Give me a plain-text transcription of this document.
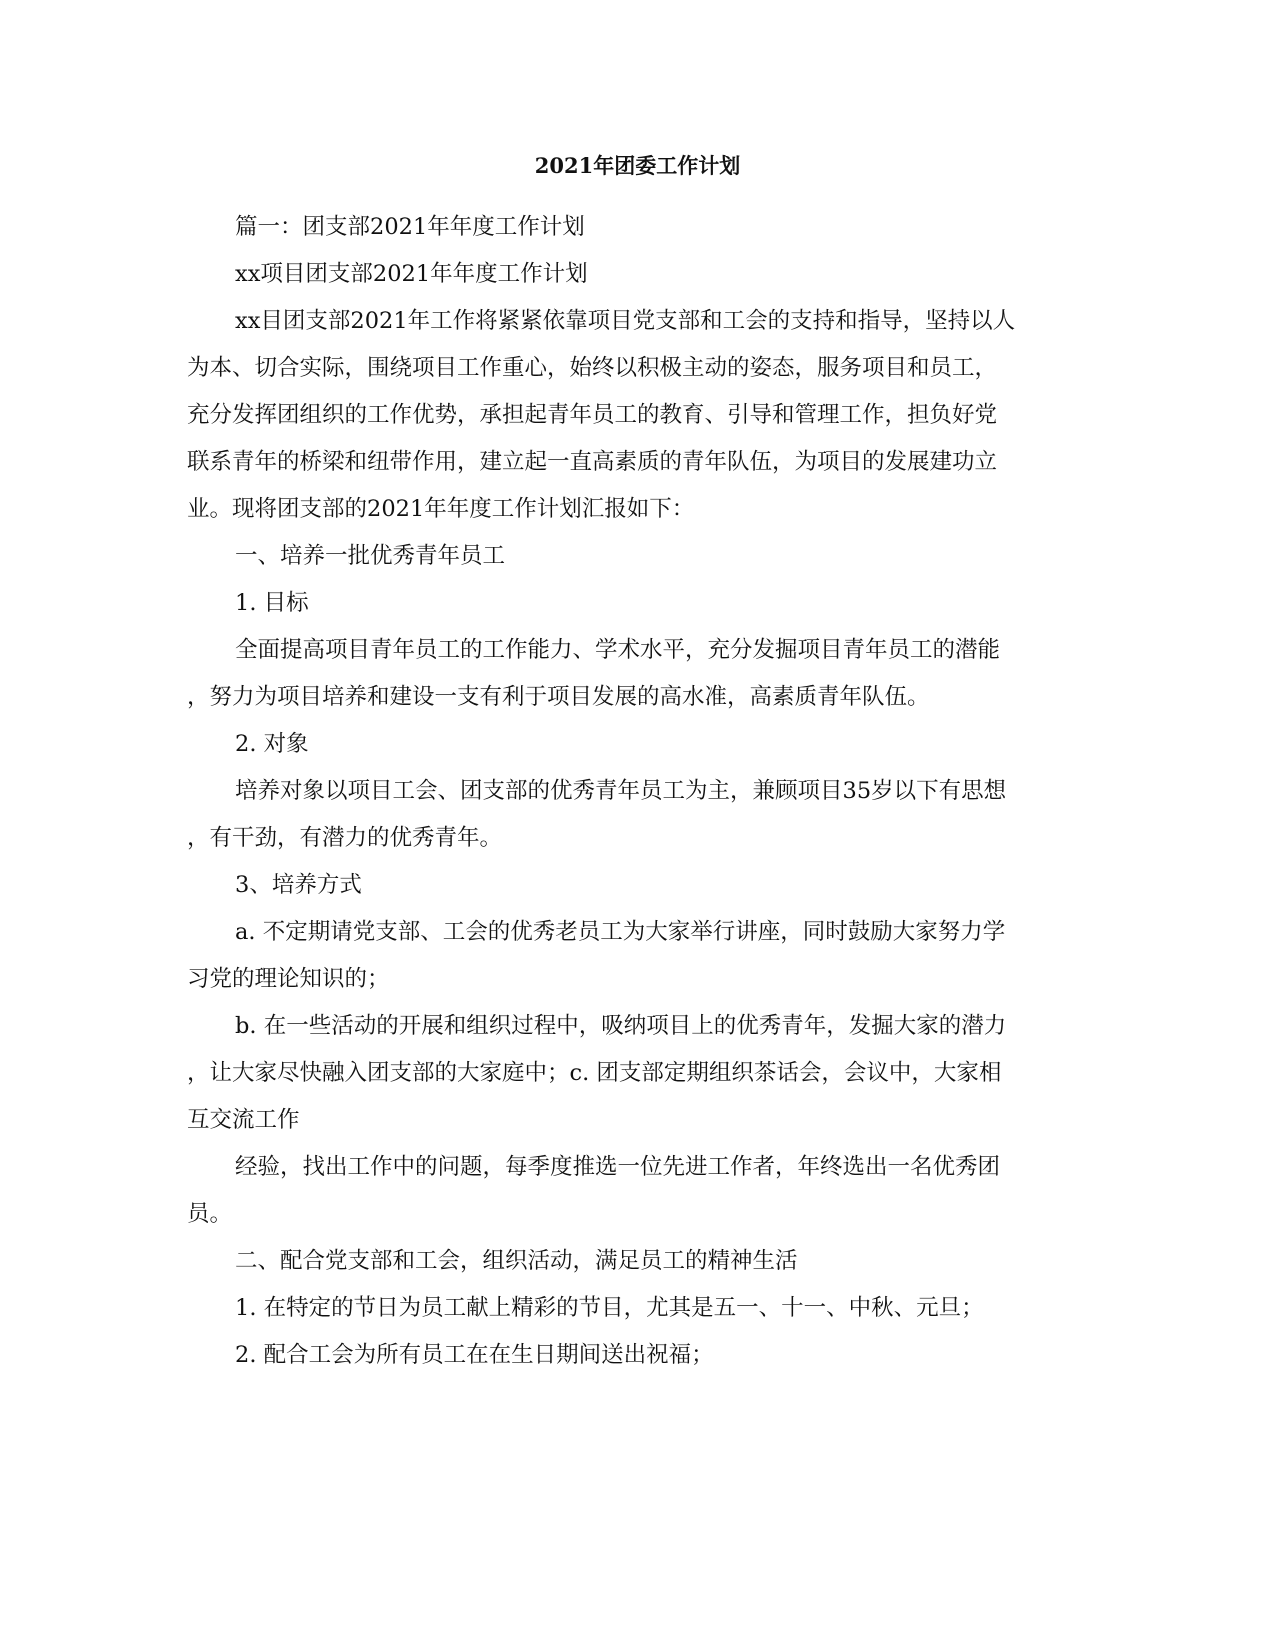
2021年团委工作计划
篇一：团支部2021年年度工作计划
xx项目团支部2021年年度工作计划
xx目团支部2021年工作将紧紧依靠项目党支部和工会的支持和指导，坚持以人
为本、切合实际，围绕项目工作重心，始终以积极主动的姿态，服务项目和员工，
充分发挥团组织的工作优势，承担起青年员工的教育、引导和管理工作，担负好党
联系青年的桥梁和纽带作用，建立起一直高素质的青年队伍，为项目的发展建功立
业。现将团支部的2021年年度工作计划汇报如下：
一、培养一批优秀青年员工
1. 目标
全面提高项目青年员工的工作能力、学术水平，充分发掘项目青年员工的潜能
，努力为项目培养和建设一支有利于项目发展的高水准，高素质青年队伍。
2. 对象
培养对象以项目工会、团支部的优秀青年员工为主，兼顾项目35岁以下有思想
，有干劲，有潜力的优秀青年。
3、培养方式
a. 不定期请党支部、工会的优秀老员工为大家举行讲座，同时鼓励大家努力学
习党的理论知识的；
b. 在一些活动的开展和组织过程中，吸纳项目上的优秀青年，发掘大家的潜力
，让大家尽快融入团支部的大家庭中；c. 团支部定期组织茶话会，会议中，大家相
互交流工作
经验，找出工作中的问题，每季度推选一位先进工作者，年终选出一名优秀团
员。
二、配合党支部和工会，组织活动，满足员工的精神生活
1. 在特定的节日为员工献上精彩的节目，尤其是五一、十一、中秋、元旦；
2. 配合工会为所有员工在在生日期间送出祝福；
